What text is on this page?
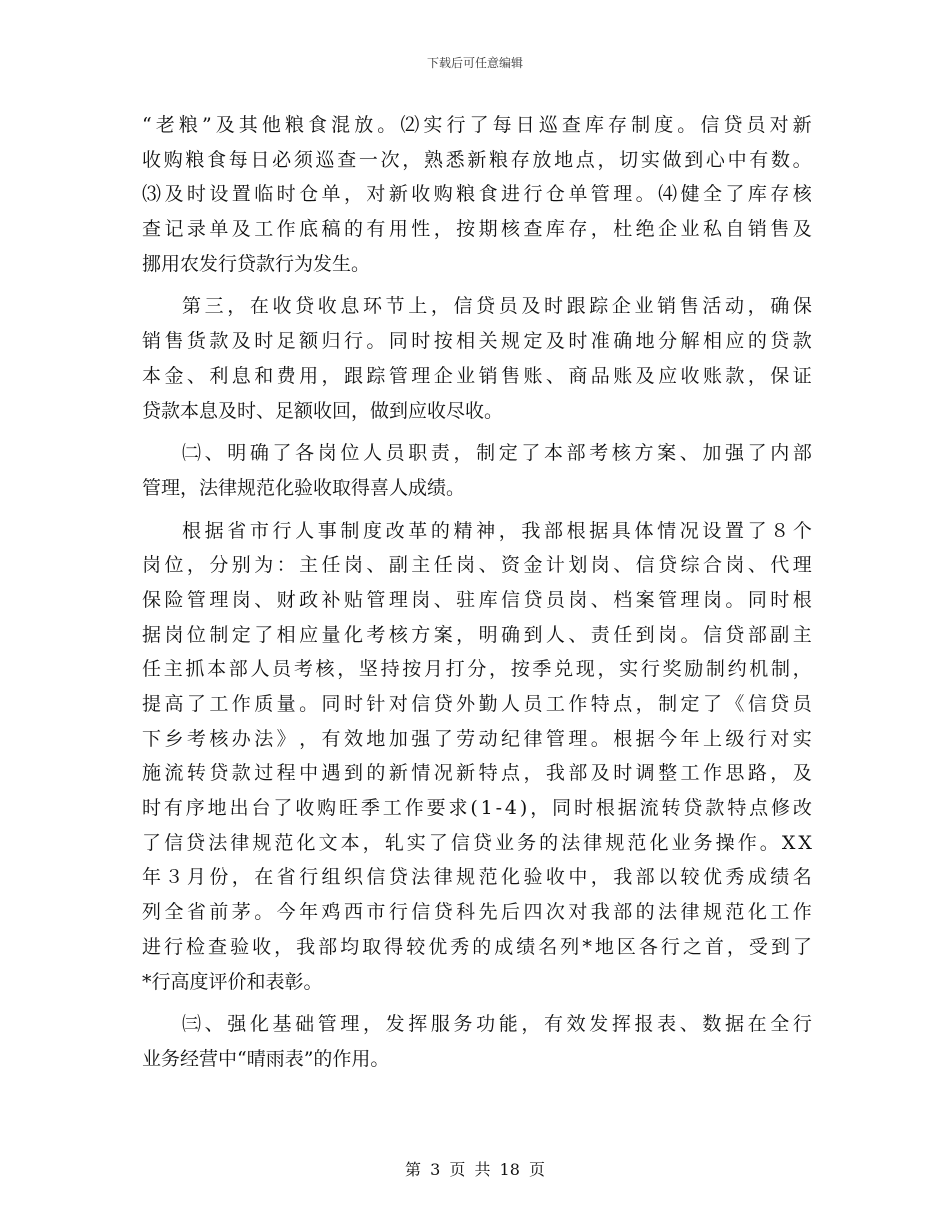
下载后可任意编辑
“ 老 粮 ” 及 其 他 粮 食 混 放 。 ⑵ 实 行 了 每 日 巡 查 库 存 制 度 。 信 贷 员 对 新
收 购 粮 食 每 日 必 须 巡 查 一 次 ， 熟 悉 新 粮 存 放 地 点 ， 切 实 做 到 心 中 有 数 。
⑶ 及 时 设 置 临 时 仓 单 ， 对 新 收 购 粮 食 进 行 仓 单 管 理 。 ⑷ 健 全 了 库 存 核
查 记 录 单 及 工 作 底 稿 的 有 用 性 ， 按 期 核 查 库 存 ， 杜 绝 企 业 私 自 销 售 及
挪用农发行贷款行为发生。
第 三 ， 在 收 贷 收 息 环 节 上 ， 信 贷 员 及 时 跟 踪 企 业 销 售 活 动 ， 确 保
销 售 货 款 及 时 足 额 归 行 。 同 时 按 相 关 规 定 及 时 准 确 地 分 解 相 应 的 贷 款
本 金 、 利 息 和 费 用 ， 跟 踪 管 理 企 业 销 售 账 、 商 品 账 及 应 收 账 款 ， 保 证
贷款本息及时、足额收回，做到应收尽收。
㈡ 、 明 确 了 各 岗 位 人 员 职 责 ， 制 定 了 本 部 考 核 方 案 、 加 强 了 内 部
管理，法律规范化验收取得喜人成绩。
根 据 省 市 行 人 事 制 度 改 革 的 精 神 ， 我 部 根 据 具 体 情 况 设 置 了 ８ 个
岗 位 ， 分 别 为 ： 主 任 岗 、 副 主 任 岗 、 资 金 计 划 岗 、 信 贷 综 合 岗 、 代 理
保 险 管 理 岗 、 财 政 补 贴 管 理 岗 、 驻 库 信 贷 员 岗 、 档 案 管 理 岗 。 同 时 根
据 岗 位 制 定 了 相 应 量 化 考 核 方 案 ， 明 确 到 人 、 责 任 到 岗 。 信 贷 部 副 主
任 主 抓 本 部 人 员 考 核 ， 坚 持 按 月 打 分 ， 按 季 兑 现 ， 实 行 奖 励 制 约 机 制 ，
提 高 了 工 作 质 量 。 同 时 针 对 信 贷 外 勤 人 员 工 作 特 点 ， 制 定 了 《 信 贷 员
下 乡 考 核 办 法 》 ， 有 效 地 加 强 了 劳 动 纪 律 管 理 。 根 据 今 年 上 级 行 对 实
施 流 转 贷 款 过 程 中 遇 到 的 新 情 况 新 特 点 ， 我 部 及 时 调 整 工 作 思 路 ， 及
时 有 序 地 出 台 了 收 购 旺 季 工 作 要 求 ( 1 - 4 ) ， 同 时 根 据 流 转 贷 款 特 点 修 改
了 信 贷 法 律 规 范 化 文 本 ， 轧 实 了 信 贷 业 务 的 法 律 规 范 化 业 务 操 作 。 X X
年 ３ 月 份 ， 在 省 行 组 织 信 贷 法 律 规 范 化 验 收 中 ， 我 部 以 较 优 秀 成 绩 名
列 全 省 前 茅 。 今 年 鸡 西 市 行 信 贷 科 先 后 四 次 对 我 部 的 法 律 规 范 化 工 作
进 行 检 查 验 收 ， 我 部 均 取 得 较 优 秀 的 成 绩 名 列 * 地 区 各 行 之 首 ， 受 到 了
*行高度评价和表彰。
㈢ 、 强 化 基 础 管 理 ， 发 挥 服 务 功 能 ， 有 效 发 挥 报 表 、 数 据 在 全 行
业务经营中“晴雨表”的作用。
第 3 页 共 18 页
